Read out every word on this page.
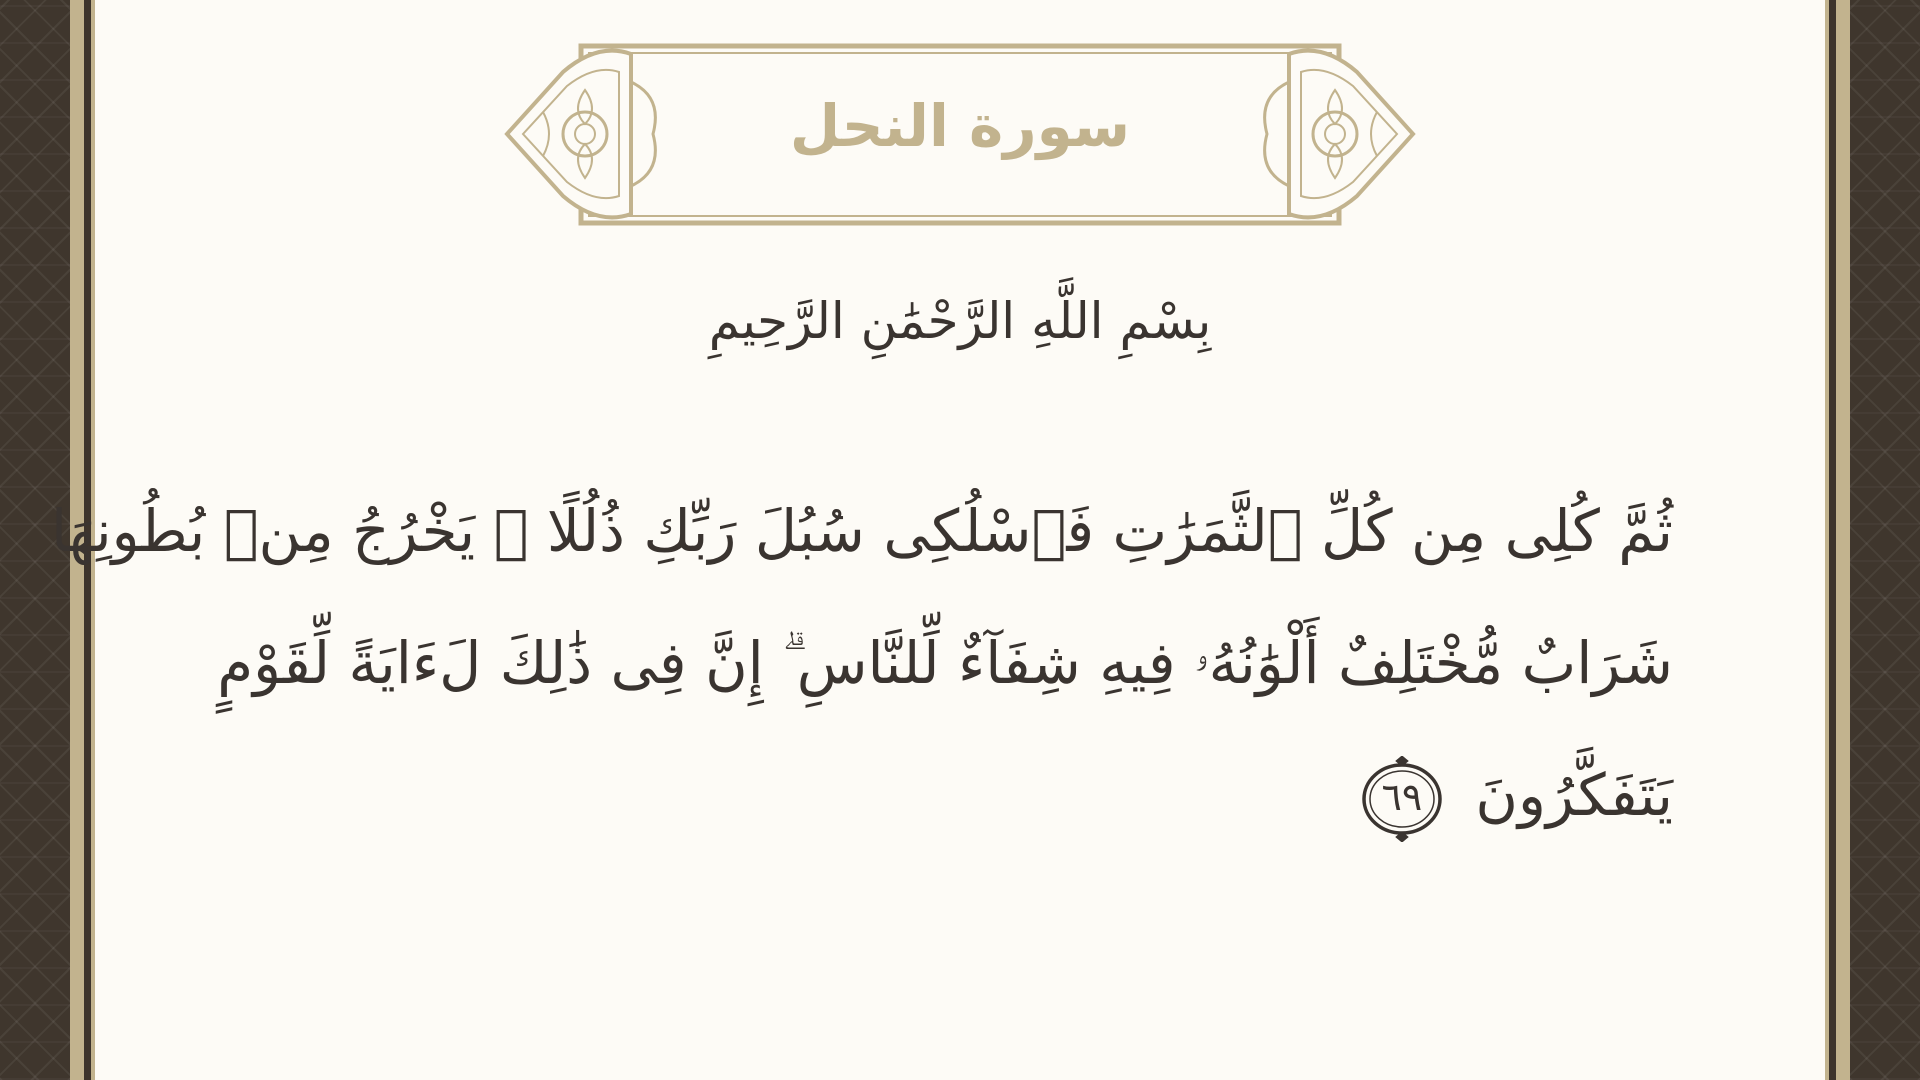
سورة النحل
بِسْمِ اللَّهِ الرَّحْمَٰنِ الرَّحِيمِ
ثُمَّ كُلِى مِن كُلِّ ٱلثَّمَرَٰتِ فَٱسْلُكِى سُبُلَ رَبِّكِ ذُلُلًا ۚ يَخْرُجُ مِنۢ بُطُونِهَا
شَرَابٌ مُّخْتَلِفٌ أَلْوَٰنُهُۥ فِيهِ شِفَآءٌ لِّلنَّاسِ ۗ إِنَّ فِى ذَٰلِكَ لَءَايَةً لِّقَوْمٍ
يَتَفَكَّرُونَ
٦٩
